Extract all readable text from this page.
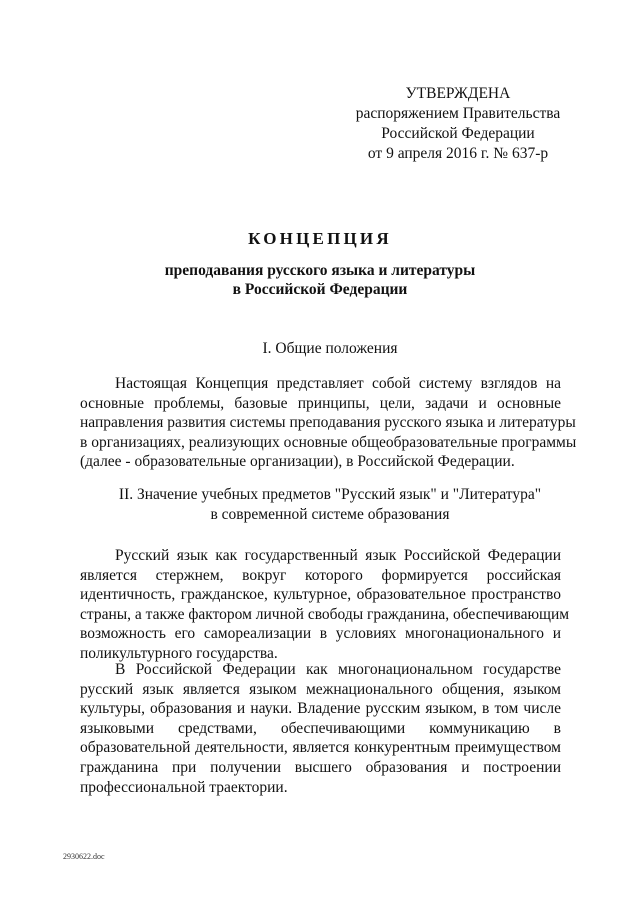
УТВЕРЖДЕНА
распоряжением Правительства
Российской Федерации
от 9 апреля 2016 г. № 637-р
КОНЦЕПЦИЯ
преподавания русского языка и литературы
в Российской Федерации
I. Общие положения
Настоящая Концепция представляет собой систему взглядов на
основные проблемы, базовые принципы, цели, задачи и основные
направления развития системы преподавания русского языка и литературы
в организациях, реализующих основные общеобразовательные программы
(далее - образовательные организации), в Российской Федерации.
II. Значение учебных предметов "Русский язык" и "Литература"
в современной системе образования
Русский язык как государственный язык Российской Федерации
является стержнем, вокруг которого формируется российская
идентичность, гражданское, культурное, образовательное пространство
страны, а также фактором личной свободы гражданина, обеспечивающим
возможность его самореализации в условиях многонационального и
поликультурного государства.
В Российской Федерации как многонациональном государстве
русский язык является языком межнационального общения, языком
культуры, образования и науки. Владение русским языком, в том числе
языковыми средствами, обеспечивающими коммуникацию в
образовательной деятельности, является конкурентным преимуществом
гражданина при получении высшего образования и построении
профессиональной траектории.
2930622.doc
